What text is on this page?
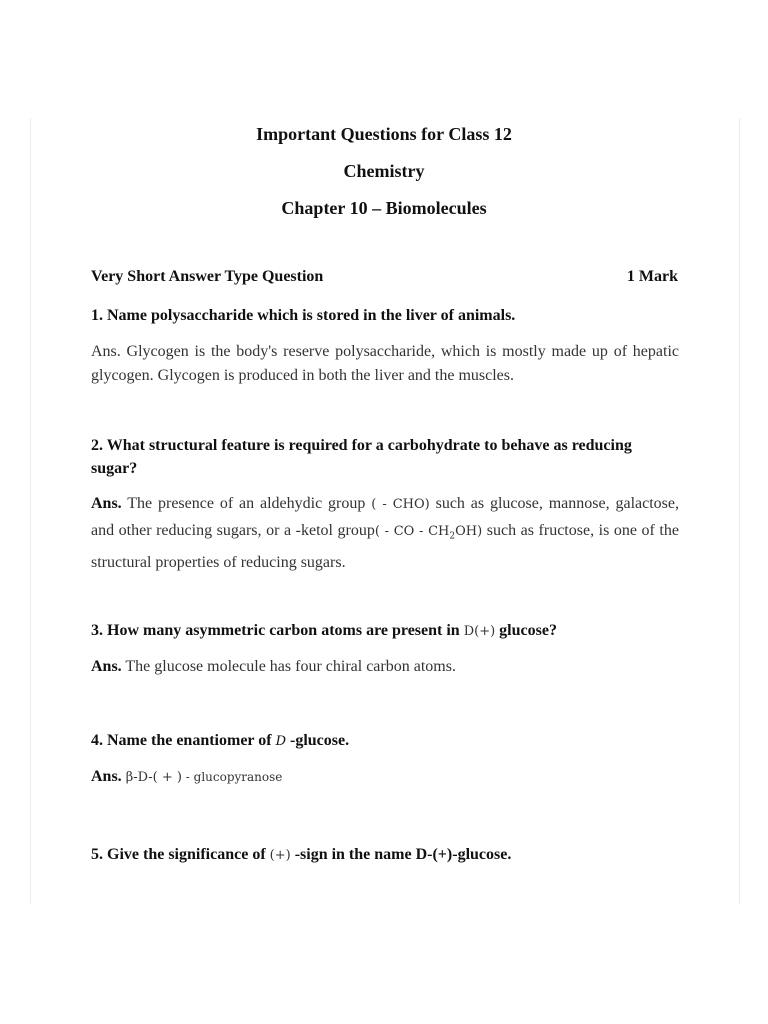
Important Questions for Class 12
Chemistry
Chapter 10 – Biomolecules
Very Short Answer Type Question	1 Mark
1. Name polysaccharide which is stored in the liver of animals.
Ans. Glycogen is the body's reserve polysaccharide, which is mostly made up of hepatic glycogen. Glycogen is produced in both the liver and the muscles.
2. What structural feature is required for a carbohydrate to behave as reducing sugar?
Ans. The presence of an aldehydic group ( - CHO) such as glucose, mannose, galactose, and other reducing sugars, or a -ketol group( - CO - $CH_2OH$) such as fructose, is one of the structural properties of reducing sugars.
3. How many asymmetric carbon atoms are present in D(+) glucose?
Ans. The glucose molecule has four chiral carbon atoms.
4. Name the enantiomer of D -glucose.
Ans. β-D-( + ) - glucopyranose
5. Give the significance of (+) -sign in the name D-(+)-glucose.
